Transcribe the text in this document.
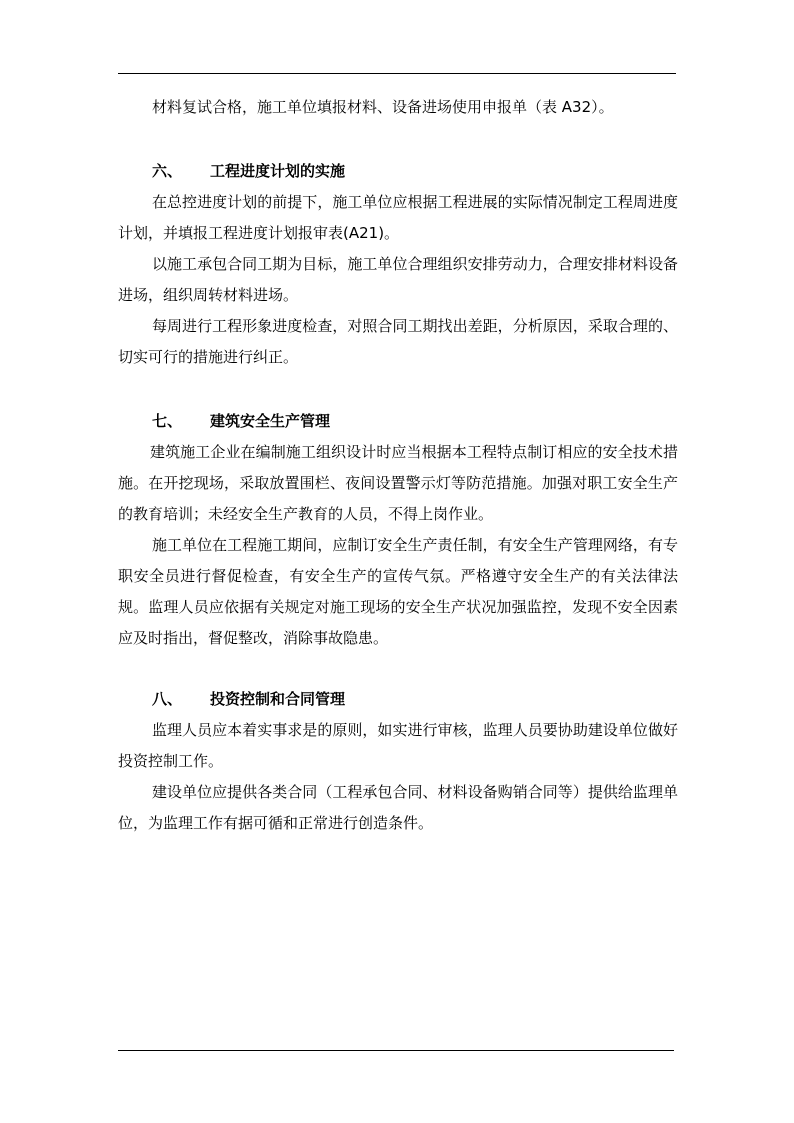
材料复试合格，施工单位填报材料、设备进场使用申报单（表 A32）。

六、 工程进度计划的实施

在总控进度计划的前提下，施工单位应根据工程进展的实际情况制定工程周进度计划，并填报工程进度计划报审表(A21)。

以施工承包合同工期为目标，施工单位合理组织安排劳动力，合理安排材料设备进场，组织周转材料进场。

每周进行工程形象进度检查，对照合同工期找出差距，分析原因，采取合理的、切实可行的措施进行纠正。

七、 建筑安全生产管理

建筑施工企业在编制施工组织设计时应当根据本工程特点制订相应的安全技术措施。在开挖现场，采取放置围栏、夜间设置警示灯等防范措施。加强对职工安全生产的教育培训；未经安全生产教育的人员，不得上岗作业。

施工单位在工程施工期间，应制订安全生产责任制，有安全生产管理网络，有专职安全员进行督促检查，有安全生产的宣传气氛。严格遵守安全生产的有关法律法规。监理人员应依据有关规定对施工现场的安全生产状况加强监控，发现不安全因素应及时指出，督促整改，消除事故隐患。

八、 投资控制和合同管理

监理人员应本着实事求是的原则，如实进行审核，监理人员要协助建设单位做好投资控制工作。

建设单位应提供各类合同（工程承包合同、材料设备购销合同等）提供给监理单位，为监理工作有据可循和正常进行创造条件。
